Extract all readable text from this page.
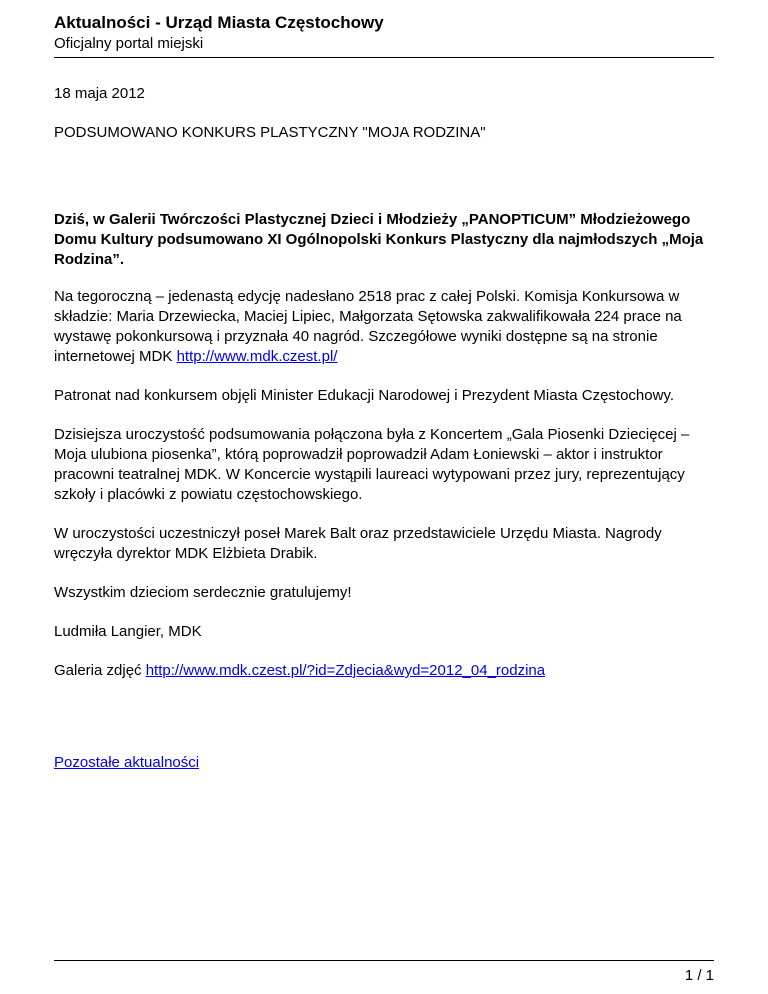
Aktualności - Urząd Miasta Częstochowy

Oficjalny portal miejski

18 maja 2012

PODSUMOWANO KONKURS PLASTYCZNY "MOJA RODZINA"

Dziś, w Galerii Twórczości Plastycznej Dzieci i Młodzieży „PANOPTICUM” Młodzieżowego Domu Kultury podsumowano XI Ogólnopolski Konkurs Plastyczny dla najmłodszych „Moja Rodzina”.

Na tegoroczną – jedenastą edycję nadesłano 2518 prac z całej Polski. Komisja Konkursowa w składzie: Maria Drzewiecka, Maciej Lipiec, Małgorzata Sętowska zakwalifikowała 224 prace na wystawę pokonkursową i przyznała 40 nagród. Szczegółowe wyniki dostępne są na stronie internetowej MDK http://www.mdk.czest.pl/

Patronat nad konkursem objęli Minister Edukacji Narodowej i Prezydent Miasta Częstochowy.

Dzisiejsza uroczystość podsumowania połączona była z Koncertem „Gala Piosenki Dziecięcej – Moja ulubiona piosenka”, którą poprowadził poprowadził Adam Łoniewski – aktor i instruktor pracowni teatralnej MDK. W Koncercie wystąpili laureaci wytypowani przez jury, reprezentujący szkoły i placówki z powiatu częstochowskiego.

W uroczystości uczestniczył poseł Marek Balt oraz przedstawiciele Urzędu Miasta. Nagrody wręczyła dyrektor MDK Elżbieta Drabik.

Wszystkim dzieciom serdecznie gratulujemy!

Ludmiła Langier, MDK

Galeria zdjęć http://www.mdk.czest.pl/?id=Zdjecia&wyd=2012_04_rodzina

Pozostałe aktualności
1 / 1
